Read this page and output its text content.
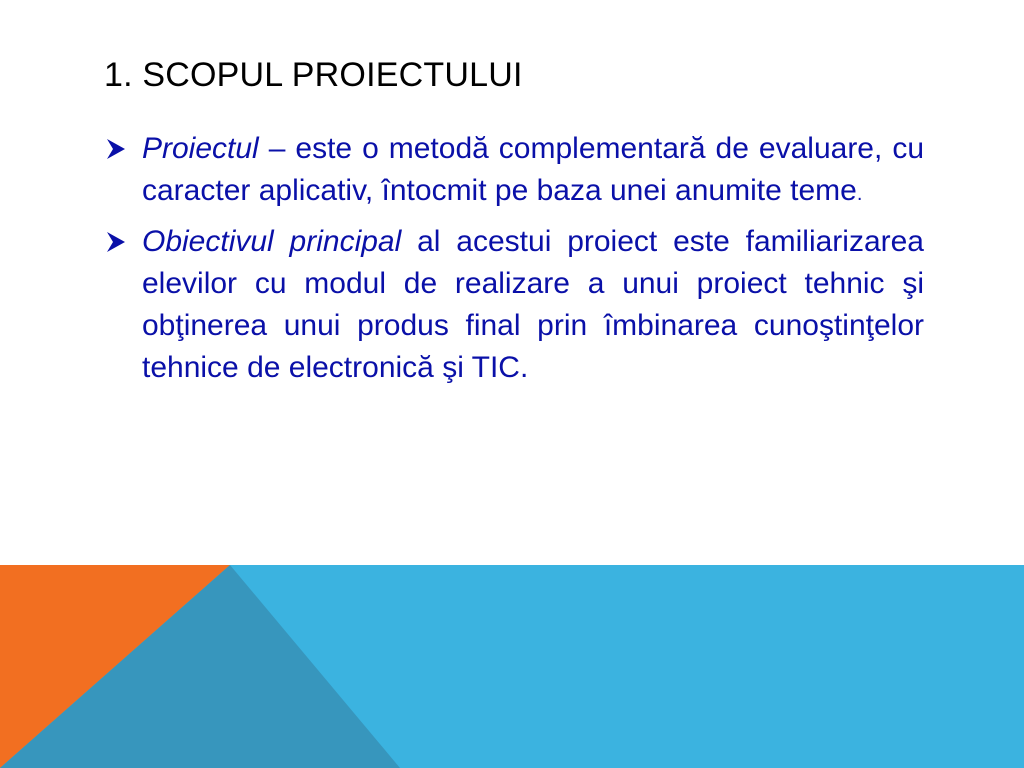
1. SCOPUL PROIECTULUI

Proiectul – este o metodă complementară de evaluare, cu caracter aplicativ, întocmit pe baza unei anumite teme.

Obiectivul principal al acestui proiect este familiarizarea elevilor cu modul de realizare a unui proiect tehnic şi obţinerea unui produs final prin îmbinarea cunoştinţelor tehnice de electronică şi TIC.
